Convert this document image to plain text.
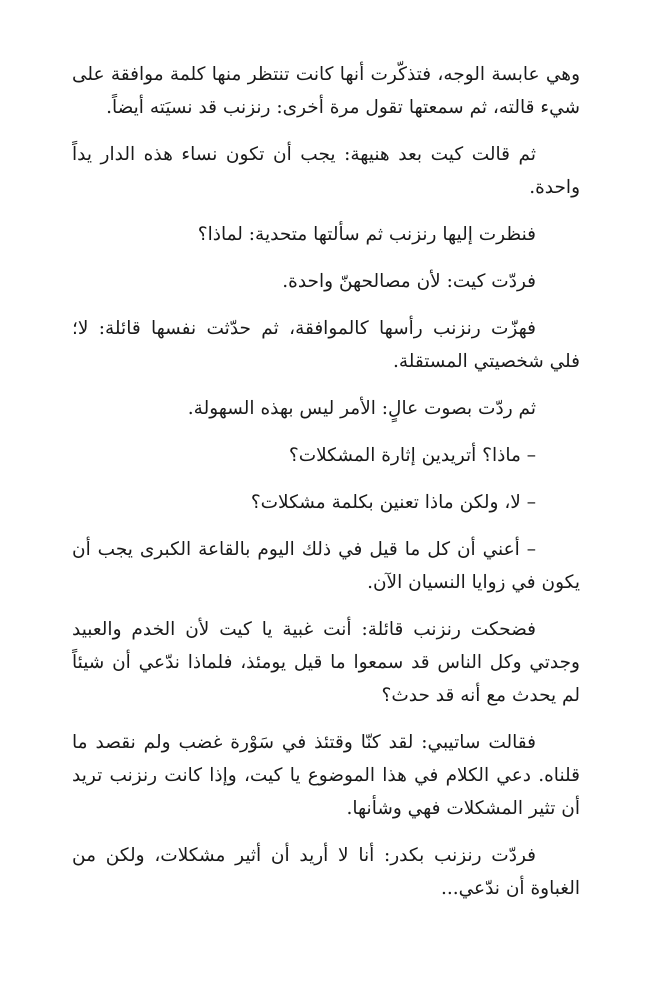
وهي عابسة الوجه، فتذكّرت أنها كانت تنتظر منها كلمة موافقة على شيء قالته، ثم سمعتها تقول مرة أخرى: رنزنب قد نسيَته أيضاً.

ثم قالت كيت بعد هنيهة: يجب أن تكون نساء هذه الدار يداً واحدة.

فنظرت إليها رنزنب ثم سألتها متحدية: لماذا؟

فردّت كيت: لأن مصالحهنّ واحدة.

فهزّت رنزنب رأسها كالموافقة، ثم حدّثت نفسها قائلة: لا؛ فلي شخصيتي المستقلة.

ثم ردّت بصوت عالٍ: الأمر ليس بهذه السهولة.

– ماذا؟ أتريدين إثارة المشكلات؟

– لا، ولكن ماذا تعنين بكلمة مشكلات؟

– أعني أن كل ما قيل في ذلك اليوم بالقاعة الكبرى يجب أن يكون في زوايا النسيان الآن.

فضحكت رنزنب قائلة: أنت غبية يا كيت لأن الخدم والعبيد وجدتي وكل الناس قد سمعوا ما قيل يومئذ، فلماذا ندّعي أن شيئاً لم يحدث مع أنه قد حدث؟

فقالت ساتيبي: لقد كنّا وقتئذ في سَوْرة غضب ولم نقصد ما قلناه. دعي الكلام في هذا الموضوع يا كيت، وإذا كانت رنزنب تريد أن تثير المشكلات فهي وشأنها.

فردّت رنزنب بكدر: أنا لا أريد أن أثير مشكلات، ولكن من الغباوة أن ندّعي...
